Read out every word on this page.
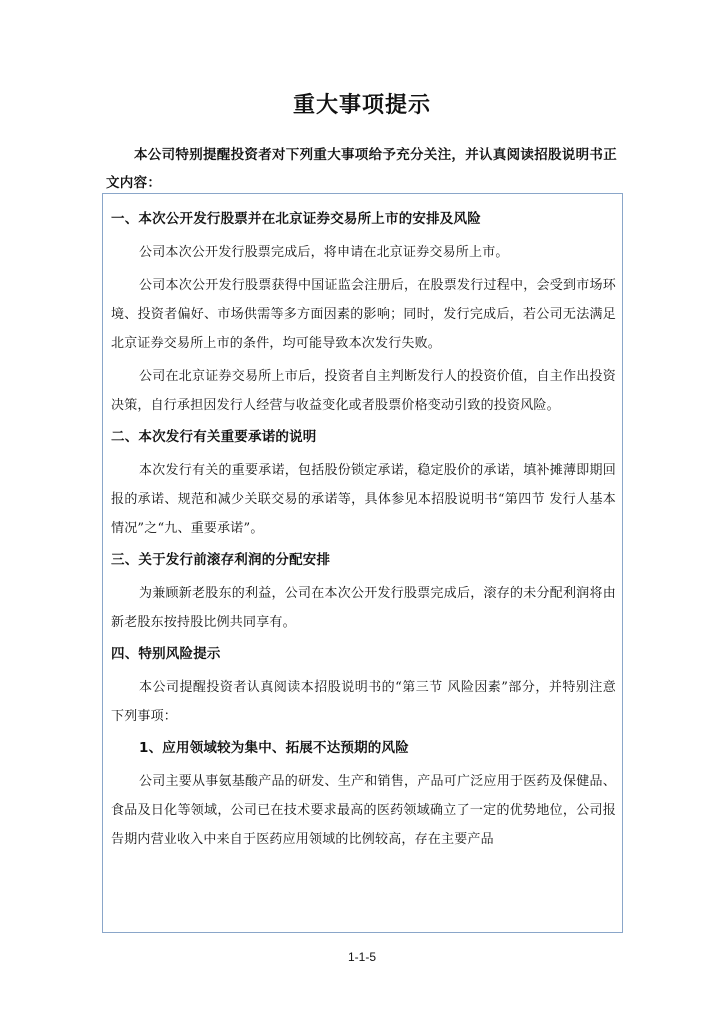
重大事项提示

本公司特别提醒投资者对下列重大事项给予充分关注，并认真阅读招股说明书正文内容：

一、本次公开发行股票并在北京证券交易所上市的安排及风险

公司本次公开发行股票完成后，将申请在北京证券交易所上市。

公司本次公开发行股票获得中国证监会注册后，在股票发行过程中，会受到市场环境、投资者偏好、市场供需等多方面因素的影响；同时，发行完成后，若公司无法满足北京证券交易所上市的条件，均可能导致本次发行失败。

公司在北京证券交易所上市后，投资者自主判断发行人的投资价值，自主作出投资决策，自行承担因发行人经营与收益变化或者股票价格变动引致的投资风险。

二、本次发行有关重要承诺的说明

本次发行有关的重要承诺，包括股份锁定承诺，稳定股价的承诺，填补摊薄即期回报的承诺、规范和减少关联交易的承诺等，具体参见本招股说明书“第四节 发行人基本情况”之“九、重要承诺”。

三、关于发行前滚存利润的分配安排

为兼顾新老股东的利益，公司在本次公开发行股票完成后，滚存的未分配利润将由新老股东按持股比例共同享有。

四、特别风险提示

本公司提醒投资者认真阅读本招股说明书的“第三节 风险因素”部分，并特别注意下列事项：

1、应用领域较为集中、拓展不达预期的风险

公司主要从事氨基酸产品的研发、生产和销售，产品可广泛应用于医药及保健品、食品及日化等领域，公司已在技术要求最高的医药领域确立了一定的优势地位，公司报告期内营业收入中来自于医药应用领域的比例较高，存在主要产品

1-1-5
